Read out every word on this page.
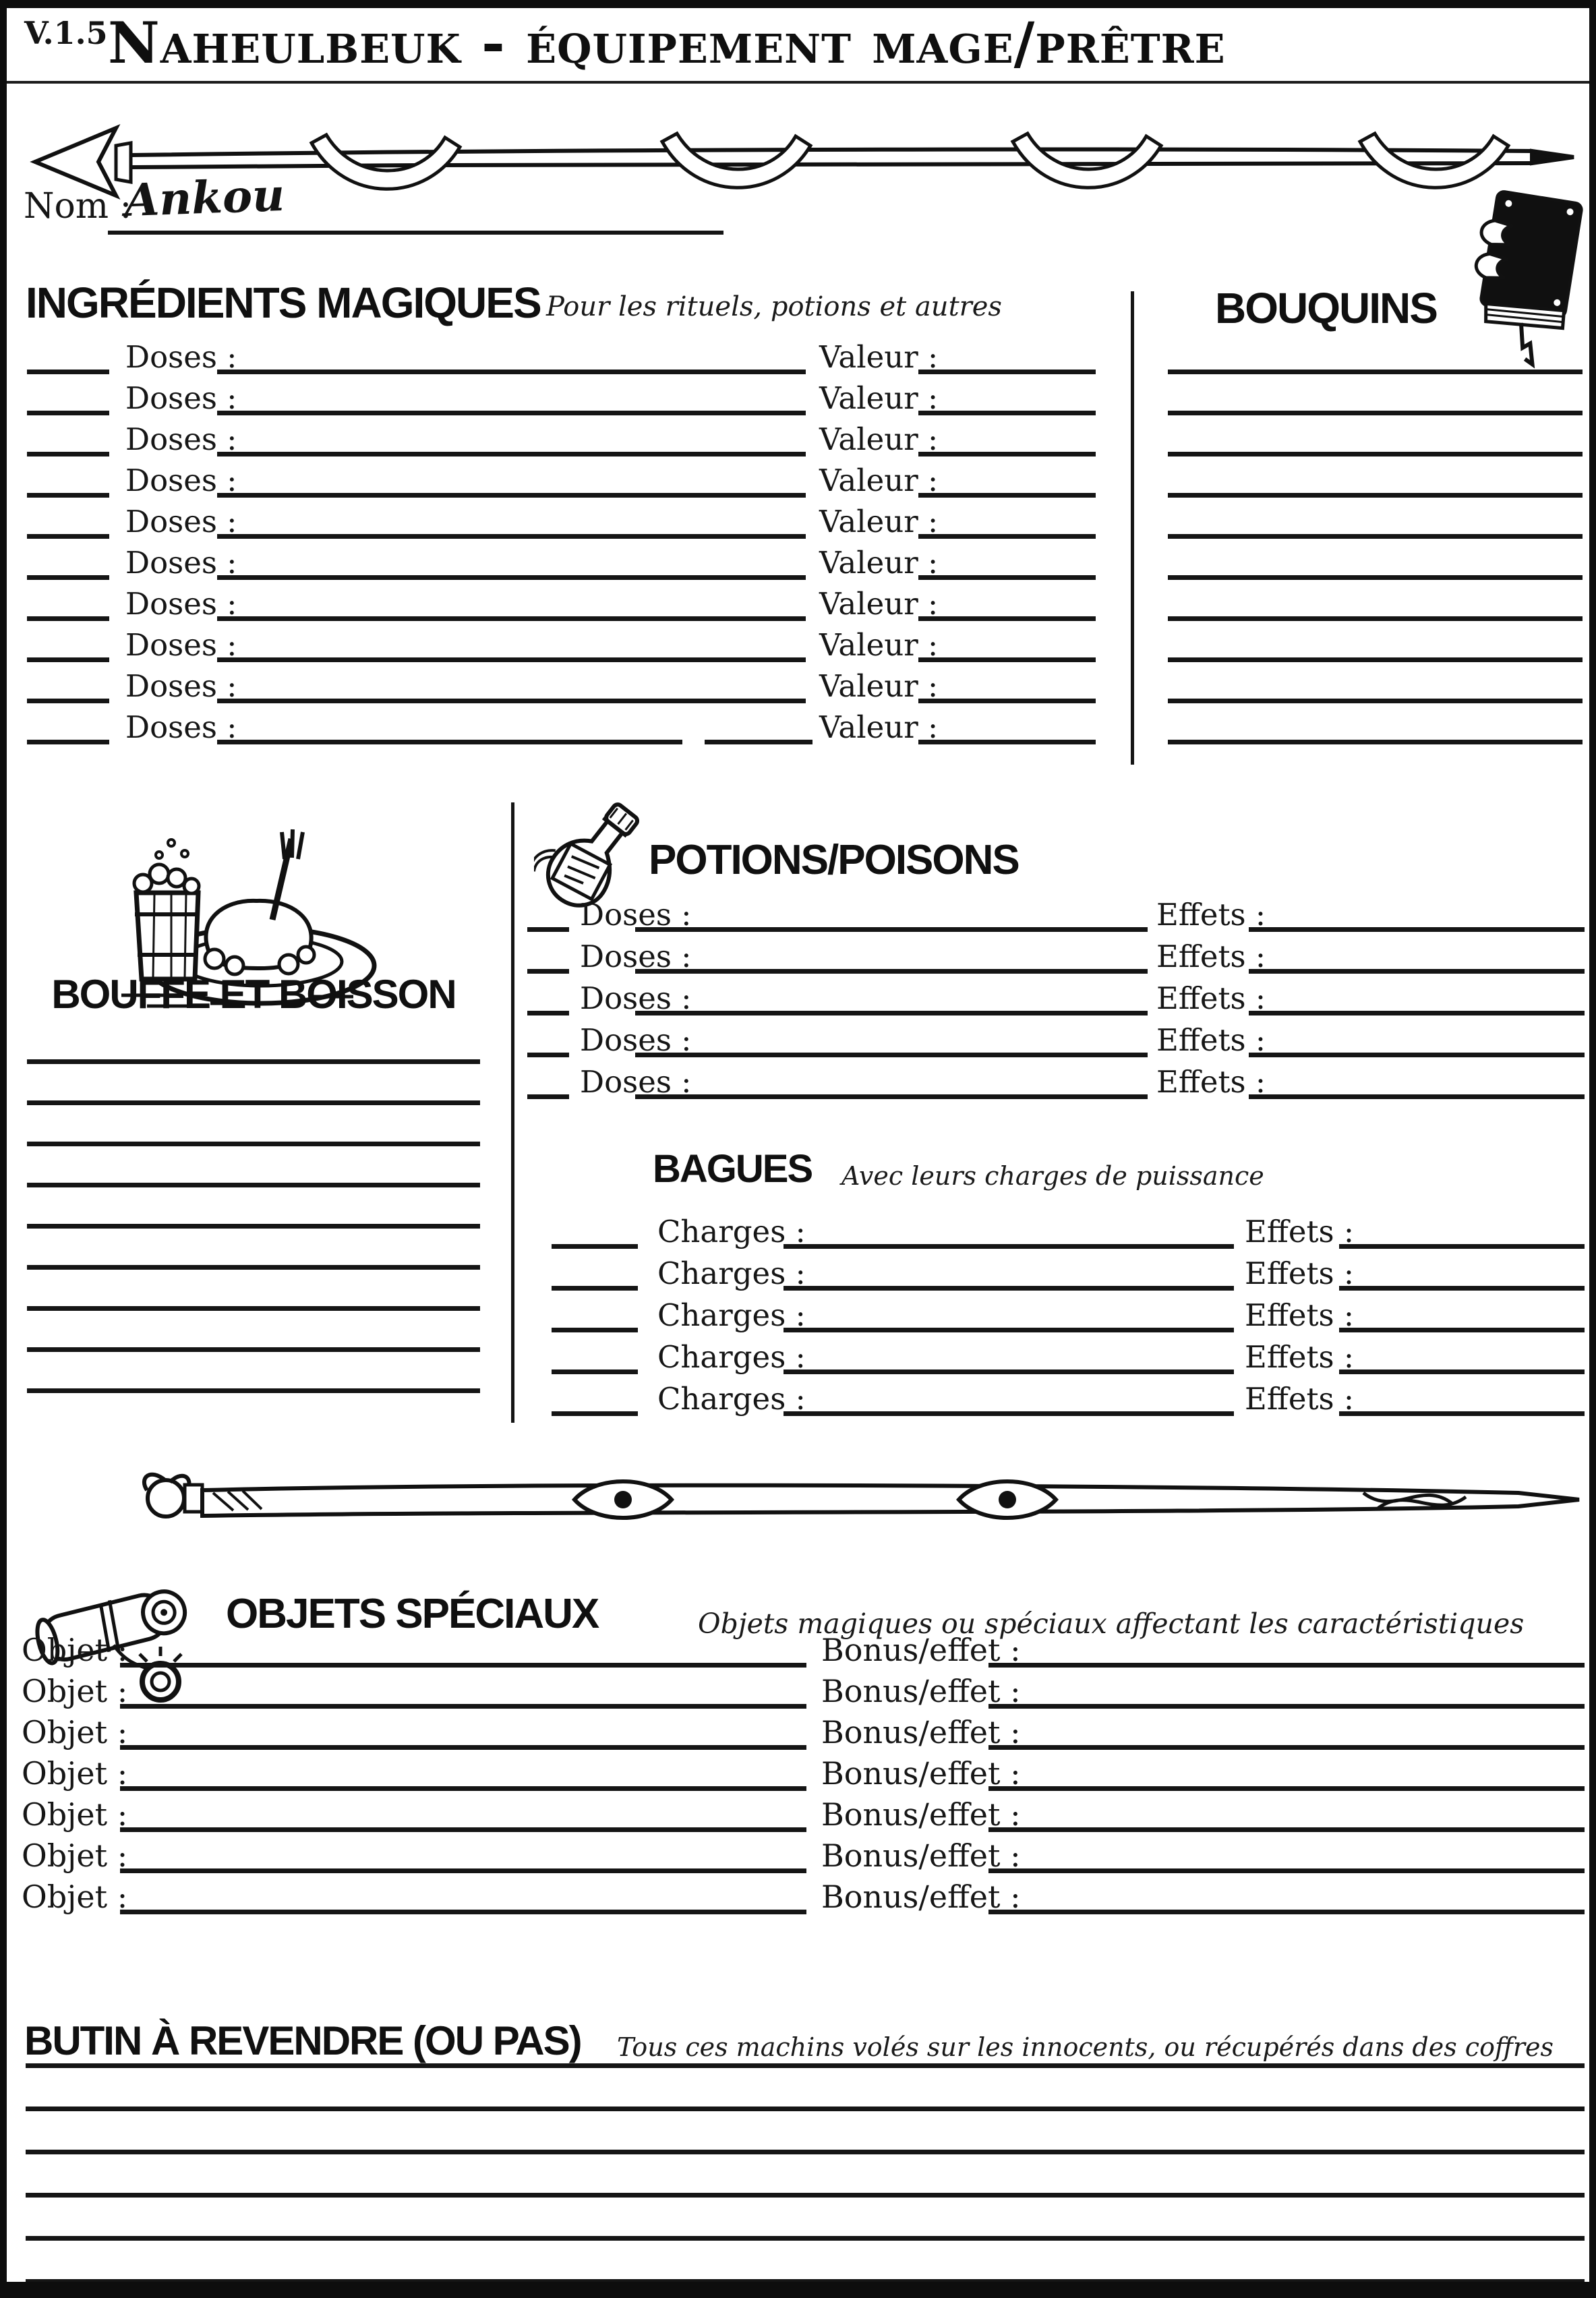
V.1.5 Naheulbeuk - équipement mage/prêtre
Nom :
Ankou
INGRÉDIENTS MAGIQUES Pour les rituels, potions et autres
Doses :	Valeur :
Doses :	Valeur :
Doses :	Valeur :
Doses :	Valeur :
Doses :	Valeur :
Doses :	Valeur :
Doses :	Valeur :
Doses :	Valeur :
Doses :	Valeur :
Doses :	Valeur :
BOUQUINS
BOUFFE ET BOISSON
POTIONS/POISONS
Doses :	Effets :
Doses :	Effets :
Doses :	Effets :
Doses :	Effets :
Doses :	Effets :
BAGUES Avec leurs charges de puissance
Charges :	Effets :
Charges :	Effets :
Charges :	Effets :
Charges :	Effets :
Charges :	Effets :
OBJETS SPÉCIAUX	Objets magiques ou spéciaux affectant les caractéristiques
Objet :	Bonus/effet :
Objet :	Bonus/effet :
Objet :	Bonus/effet :
Objet :	Bonus/effet :
Objet :	Bonus/effet :
Objet :	Bonus/effet :
Objet :	Bonus/effet :
BUTIN À REVENDRE (OU PAS) Tous ces machins volés sur les innocents, ou récupérés dans des coffres
